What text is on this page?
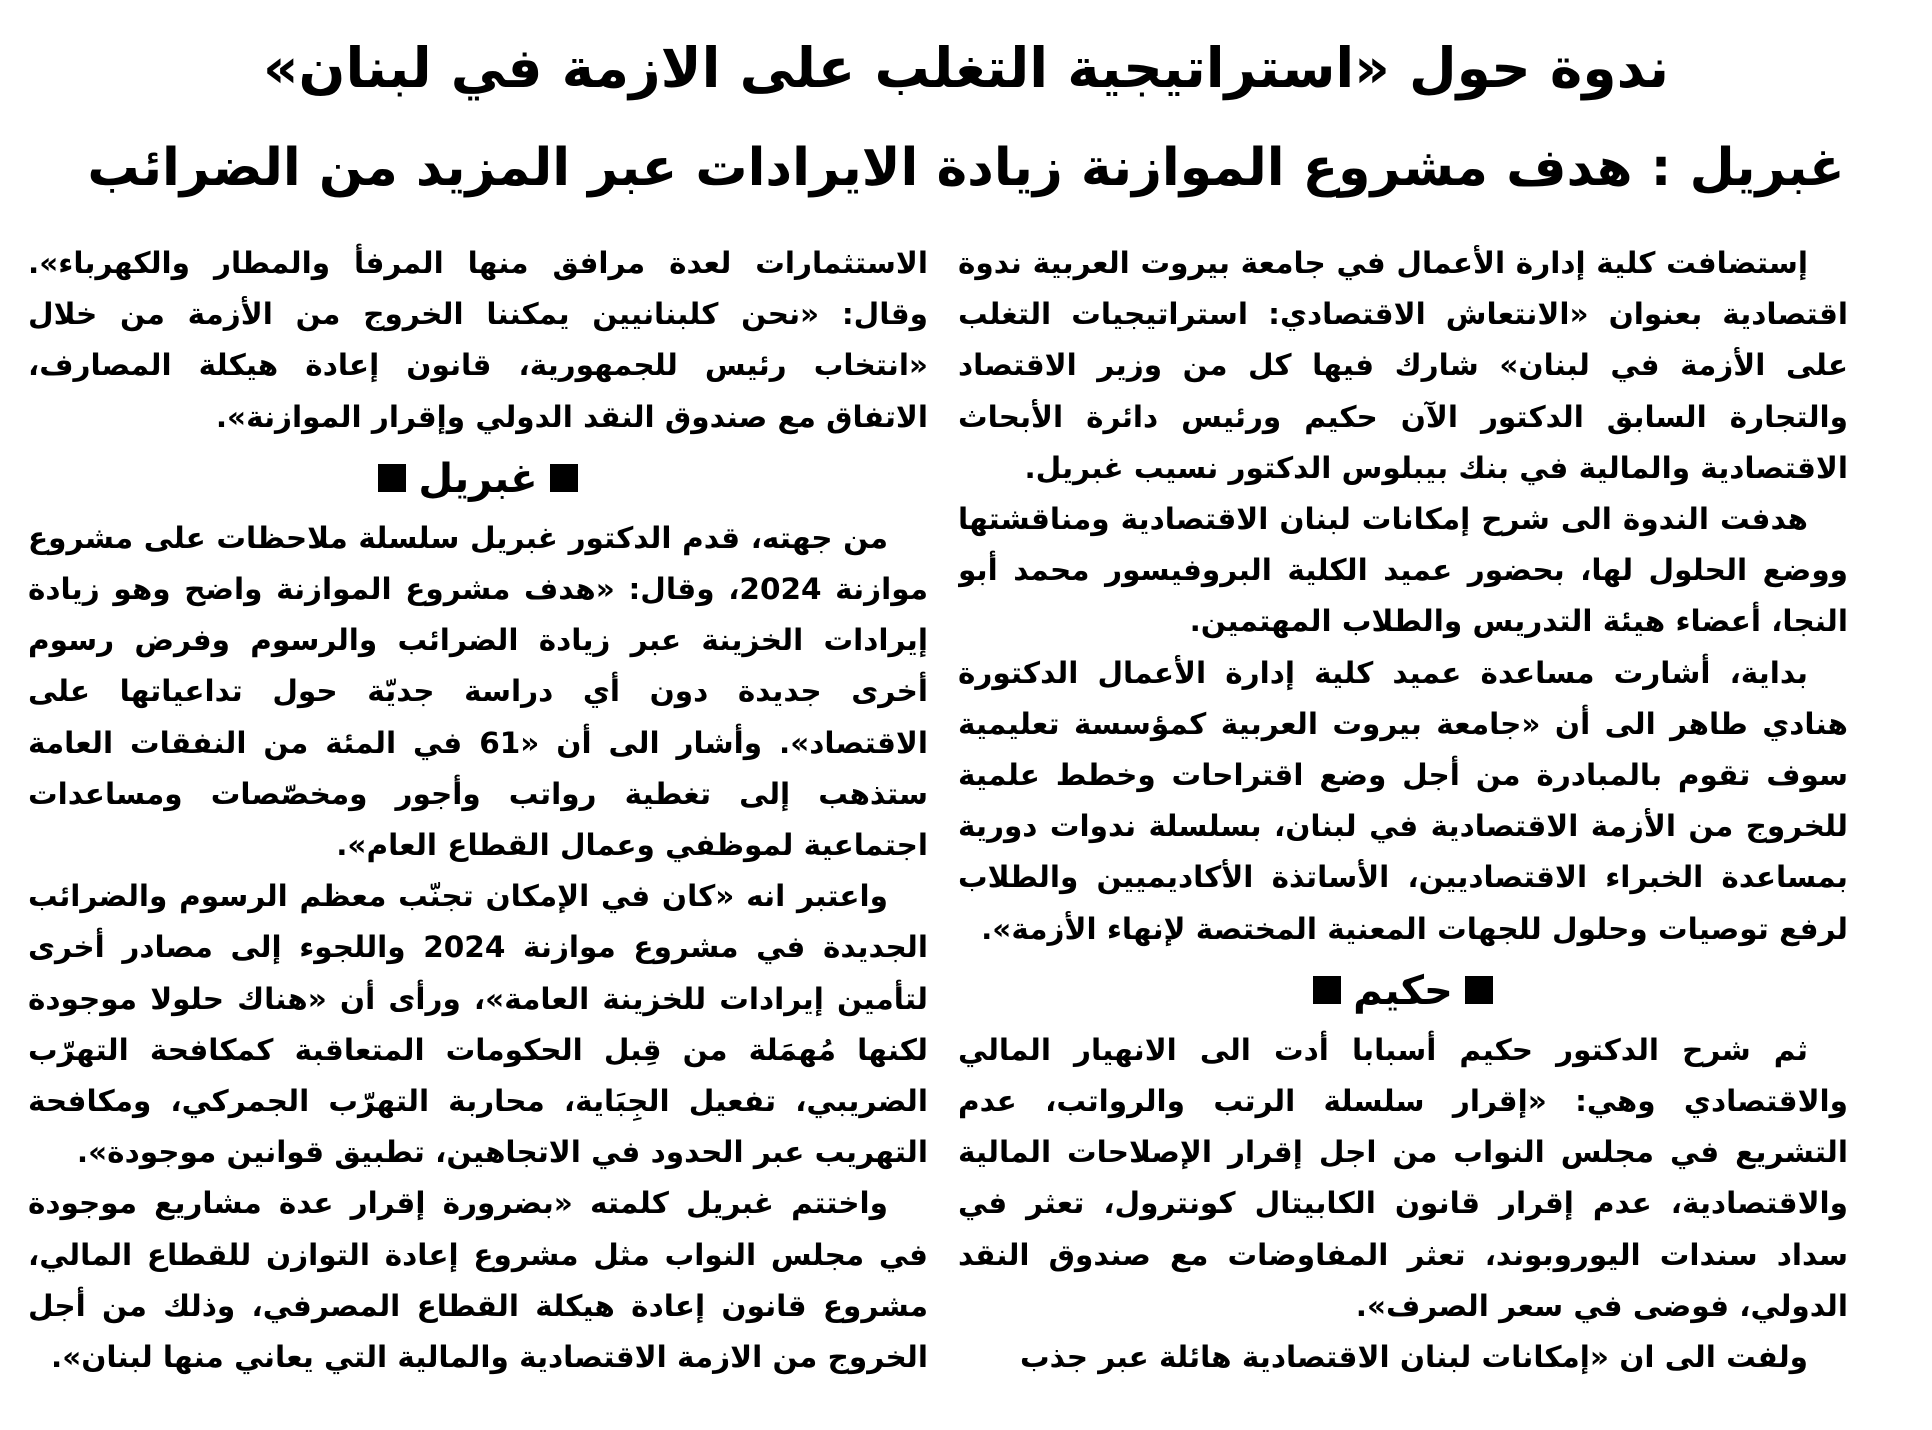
ندوة حول «استراتيجية التغلب على الازمة في لبنان»
غبريل : هدف مشروع الموازنة زيادة الايرادات عبر المزيد من الضرائب

إستضافت كلية إدارة الأعمال في جامعة بيروت العربية ندوة اقتصادية بعنوان «الانتعاش الاقتصادي: استراتيجيات التغلب على الأزمة في لبنان» شارك فيها كل من وزير الاقتصاد والتجارة السابق الدكتور الآن حكيم ورئيس دائرة الأبحاث الاقتصادية والمالية في بنك بيبلوس الدكتور نسيب غبريل.

هدفت الندوة الى شرح إمكانات لبنان الاقتصادية ومناقشتها ووضع الحلول لها، بحضور عميد الكلية البروفيسور محمد أبو النجا، أعضاء هيئة التدريس والطلاب المهتمين.

بداية، أشارت مساعدة عميد كلية إدارة الأعمال الدكتورة هنادي طاهر الى أن «جامعة بيروت العربية كمؤسسة تعليمية سوف تقوم بالمبادرة من أجل وضع اقتراحات وخطط علمية للخروج من الأزمة الاقتصادية في لبنان، بسلسلة ندوات دورية بمساعدة الخبراء الاقتصاديين، الأساتذة الأكاديميين والطلاب لرفع توصيات وحلول للجهات المعنية المختصة لإنهاء الأزمة».

حكيم

ثم شرح الدكتور حكيم أسبابا أدت الى الانهيار المالي والاقتصادي وهي: «إقرار سلسلة الرتب والرواتب، عدم التشريع في مجلس النواب من اجل إقرار الإصلاحات المالية والاقتصادية، عدم إقرار قانون الكابيتال كونترول، تعثر في سداد سندات اليوروبوند، تعثر المفاوضات مع صندوق النقد الدولي، فوضى في سعر الصرف».

ولفت الى ان «إمكانات لبنان الاقتصادية هائلة عبر جذب

الاستثمارات لعدة مرافق منها المرفأ والمطار والكهرباء». وقال: «نحن كلبنانيين يمكننا الخروج من الأزمة من خلال «انتخاب رئيس للجمهورية، قانون إعادة هيكلة المصارف، الاتفاق مع صندوق النقد الدولي وإقرار الموازنة».

غبريل

من جهته، قدم الدكتور غبريل سلسلة ملاحظات على مشروع موازنة 2024، وقال: «هدف مشروع الموازنة واضح وهو زيادة إيرادات الخزينة عبر زيادة الضرائب والرسوم وفرض رسوم أخرى جديدة دون أي دراسة جديّة حول تداعياتها على الاقتصاد». وأشار الى أن «61 في المئة من النفقات العامة ستذهب إلى تغطية رواتب وأجور ومخصّصات ومساعدات اجتماعية لموظفي وعمال القطاع العام».

واعتبر انه «كان في الإمكان تجنّب معظم الرسوم والضرائب الجديدة في مشروع موازنة 2024 واللجوء إلى مصادر أخرى لتأمين إيرادات للخزينة العامة»، ورأى أن «هناك حلولا موجودة لكنها مُهمَلة من قِبل الحكومات المتعاقبة كمكافحة التهرّب الضريبي، تفعيل الجِبَاية، محاربة التهرّب الجمركي، ومكافحة التهريب عبر الحدود في الاتجاهين، تطبيق قوانين موجودة».

واختتم غبريل كلمته «بضرورة إقرار عدة مشاريع موجودة في مجلس النواب مثل مشروع إعادة التوازن للقطاع المالي، مشروع قانون إعادة هيكلة القطاع المصرفي، وذلك من أجل الخروج من الازمة الاقتصادية والمالية التي يعاني منها لبنان».
